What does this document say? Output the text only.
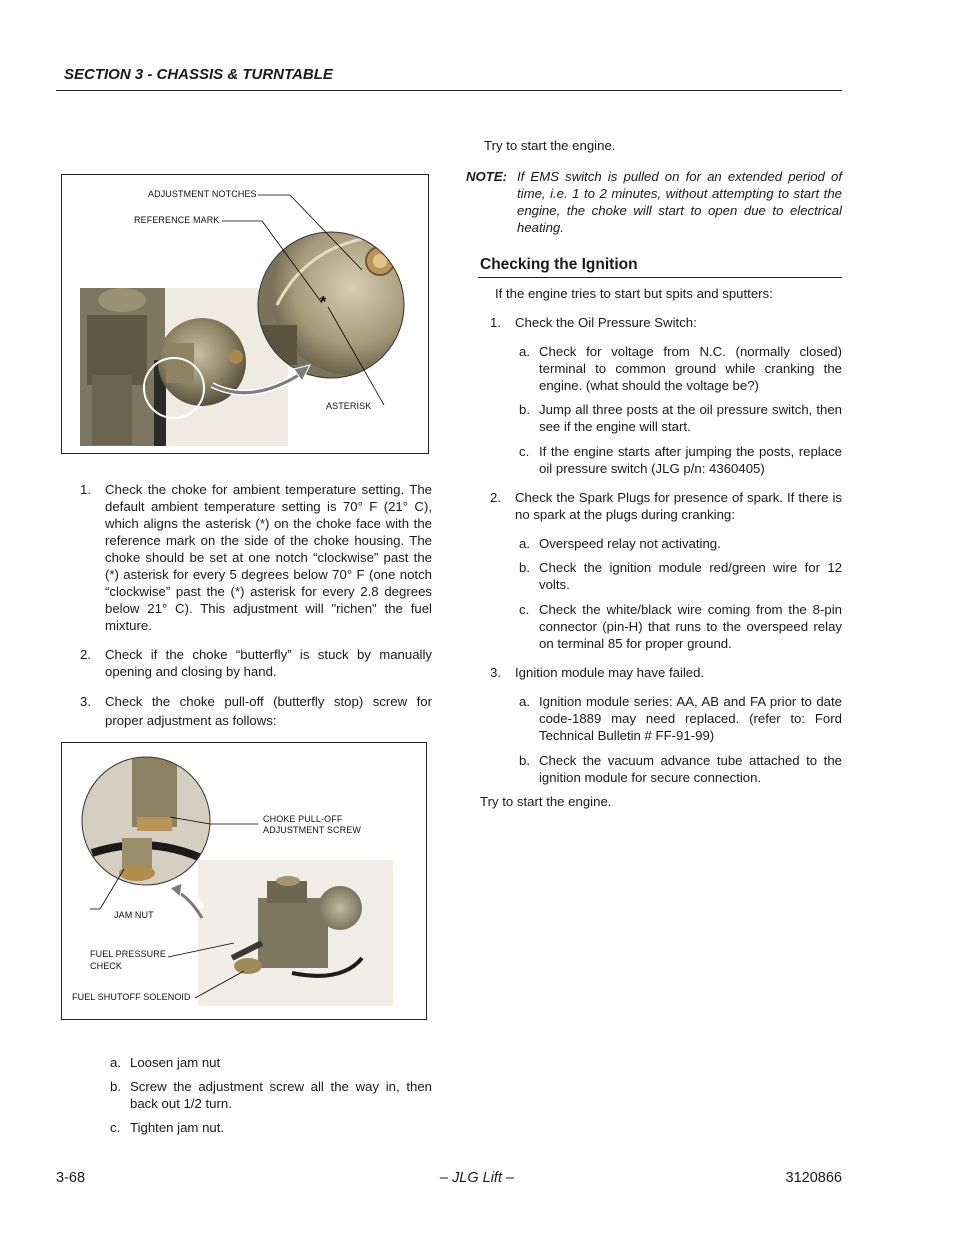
SECTION 3 - CHASSIS & TURNTABLE
*
ADJUSTMENT NOTCHES
REFERENCE MARK
ASTERISK
1. Check the choke for ambient temperature setting. The default ambient temperature setting is 70° F (21° C), which aligns the asterisk (*) on the choke face with the reference mark on the side of the choke housing. The choke should be set at one notch “clockwise” past the (*) asterisk for every 5 degrees below 70° F (one notch “clockwise” past the (*) asterisk for every 2.8 degrees below 21° C). This adjustment will "richen" the fuel mixture.
2. Check if the choke “butterfly” is stuck by manually opening and closing by hand.
3. Check the choke pull-off (butterfly stop) screw for proper adjustment as follows:
CHOKE PULL-OFF
ADJUSTMENT SCREW
JAM NUT
FUEL PRESSURE
CHECK
FUEL SHUTOFF SOLENOID
a. Loosen jam nut
b. Screw the adjustment screw all the way in, then back out 1/2 turn.
c. Tighten jam nut.
Try to start the engine.
NOTE: If EMS switch is pulled on for an extended period of time, i.e. 1 to 2 minutes, without attempting to start the engine, the choke will start to open due to electrical heating.
Checking the Ignition
If the engine tries to start but spits and sputters:
1. Check the Oil Pressure Switch:
a. Check for voltage from N.C. (normally closed) terminal to common ground while cranking the engine. (what should the voltage be?)
b. Jump all three posts at the oil pressure switch, then see if the engine will start.
c. If the engine starts after jumping the posts, replace oil pressure switch (JLG p/n: 4360405)
2. Check the Spark Plugs for presence of spark. If there is no spark at the plugs during cranking:
a. Overspeed relay not activating.
b. Check the ignition module red/green wire for 12 volts.
c. Check the white/black wire coming from the 8-pin connector (pin-H) that runs to the overspeed relay on terminal 85 for proper ground.
3. Ignition module may have failed.
a. Ignition module series: AA, AB and FA prior to date code-1889 may need replaced. (refer to: Ford Technical Bulletin # FF-91-99)
b. Check the vacuum advance tube attached to the ignition module for secure connection.
Try to start the engine.
3-68	– JLG Lift –	3120866
